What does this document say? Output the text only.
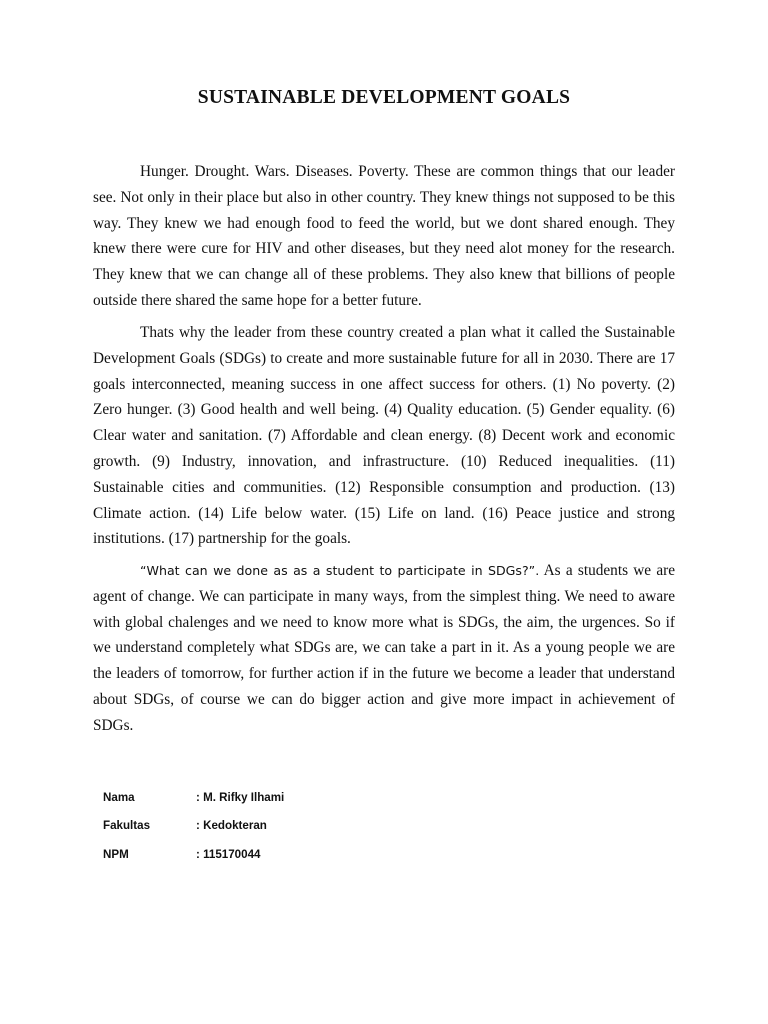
SUSTAINABLE DEVELOPMENT GOALS

Hunger. Drought. Wars. Diseases. Poverty. These are common things that our leader see. Not only in their place but also in other country. They knew things not supposed to be this way. They knew we had enough food to feed the world, but we dont shared enough. They knew there were cure for HIV and other diseases, but they need alot money for the research. They knew that we can change all of these problems. They also knew that billions of people outside there shared the same hope for a better future.

Thats why the leader from these country created a plan what it called the Sustainable Development Goals (SDGs) to create and more sustainable future for all in 2030. There are 17 goals interconnected, meaning success in one affect success for others. (1) No poverty. (2) Zero hunger. (3) Good health and well being. (4) Quality education. (5) Gender equality. (6) Clear water and sanitation. (7) Affordable and clean energy. (8) Decent work and economic growth. (9) Industry, innovation, and infrastructure. (10) Reduced inequalities. (11) Sustainable cities and communities. (12) Responsible consumption and production. (13) Climate action. (14) Life below water. (15) Life on land. (16) Peace justice and strong institutions. (17) partnership for the goals.

“What can we done as as a student to participate in SDGs?”. As a students we are agent of change. We can participate in many ways, from the simplest thing. We need to aware with global chalenges and we need to know more what is SDGs, the aim, the urgences. So if we understand completely what SDGs are, we can take a part in it. As a young people we are the leaders of tomorrow, for further action if in the future we become a leader that understand about SDGs, of course we can do bigger action and give more impact in achievement of SDGs.

Nama	: M. Rifky Ilhami
Fakultas	: Kedokteran
NPM	: 115170044
